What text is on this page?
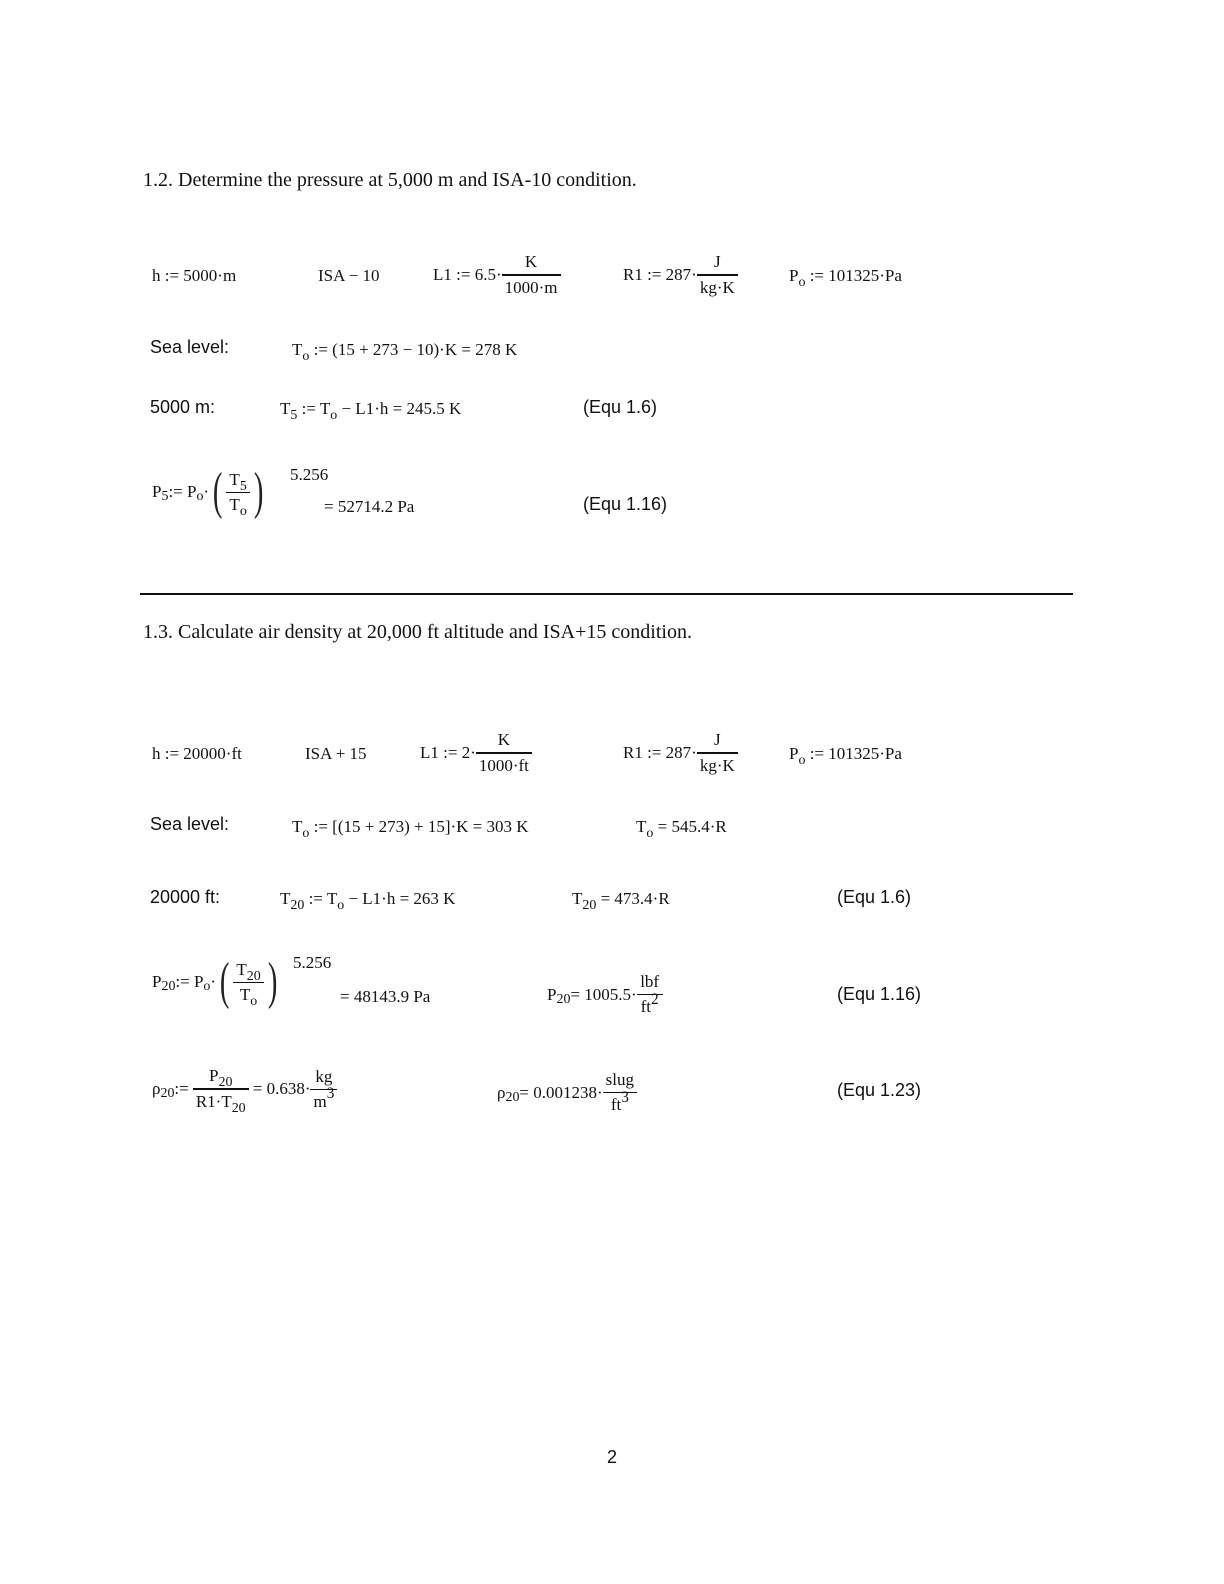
1.2. Determine the pressure at 5,000 m and ISA-10 condition.
h := 5000·m	ISA − 10	L1 := $6.5\cdot \frac{K}{1000\cdot m}$	R1 := $287\cdot \frac{J}{kg\cdot K}$	$P_o$ := 101325·Pa
Sea level:	$T_o$ := (15 + 273 − 10)·K = 278 K
5000 m:	$T_5$ := $T_o - L1\cdot h = 245.5$ K	(Equ 1.6)
P 5 := P o · ( $\frac{T_5}{T_o}$ ) 5.256
= 52714.2 Pa	(Equ 1.16)
1.3. Calculate air density at 20,000 ft altitude and ISA+15 condition.
h := 20000·ft	ISA + 15	L1 := $2\cdot \frac{K}{1000\cdot ft}$	R1 := $287\cdot \frac{J}{kg\cdot K}$	$P_o$ := 101325·Pa
Sea level:	$T_o$ := [(15 + 273) + 15]·K = 303 K	$T_o = 545.4\cdot R$
20000 ft:	$T_{20}$ := $T_o - L1\cdot h = 263$ K	$T_{20} = 473.4\cdot R$	(Equ 1.6)
P 20 := P o · ( $\frac{T_{20}}{T_o}$ ) 5.256
= 48143.9 Pa	P $20 = 1005.5\cdot \frac{\text{lbf}}{ft2}$	(Equ 1.16)
ρ 20 := $\frac{P_{20}}{R1\cdot T_{20}} = 0.638\cdot \frac{kg}{m3}$	ρ $20 = 0.001238\cdot \frac{\text{slug}}{ft3}$	(Equ 1.23)
2
